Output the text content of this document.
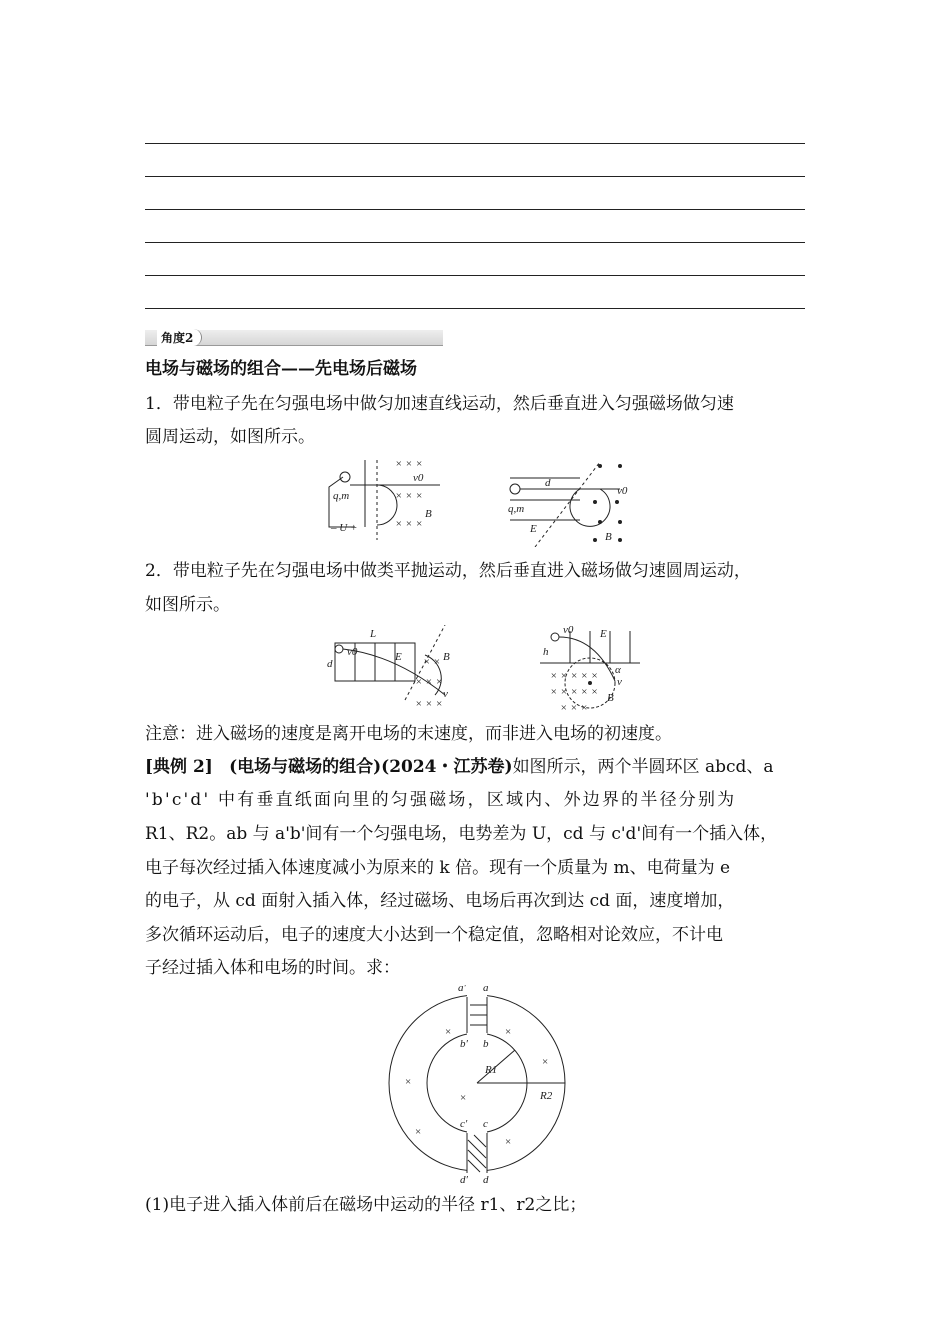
角度2
电场与磁场的组合——先电场后磁场
1．带电粒子先在匀强电场中做匀加速直线运动，然后垂直进入匀强磁场做匀速
圆周运动，如图所示。
× × ×
× × ×
× × ×
q,m
– U +
v0
B	q,m
d
E
v0
B
2．带电粒子先在匀强电场中做类平抛运动，然后垂直进入磁场做匀速圆周运动，
如图所示。
× ×
× × ×
× × ×
L
d
v0	E	B
v
× × × × ×
× × × × ×
× × ×
h
v0 E
α
v
B
注意：进入磁场的速度是离开电场的末速度，而非进入电场的初速度。
[典例 2] (电场与磁场的组合)(2024・江苏卷)如图所示，两个半圆环区 abcd、a
'b'c'd' 中有垂直纸面向里的匀强磁场，区域内、外边界的半径分别为
R1、R2。ab 与 a'b'间有一个匀强电场，电势差为 U，cd 与 c'd'间有一个插入体，
电子每次经过插入体速度减小为原来的 k 倍。现有一个质量为 m、电荷量为 e
的电子，从 cd 面射入插入体，经过磁场、电场后再次到达 cd 面，速度增加，
多次循环运动后，电子的速度大小达到一个稳定值，忽略相对论效应，不计电
子经过插入体和电场的时间。求：
×	×
×
×
×
×
×
a′ a
b′ b
c′ c
d′ d
R1
R2
(1)电子进入插入体前后在磁场中运动的半径 r1、r2之比；
